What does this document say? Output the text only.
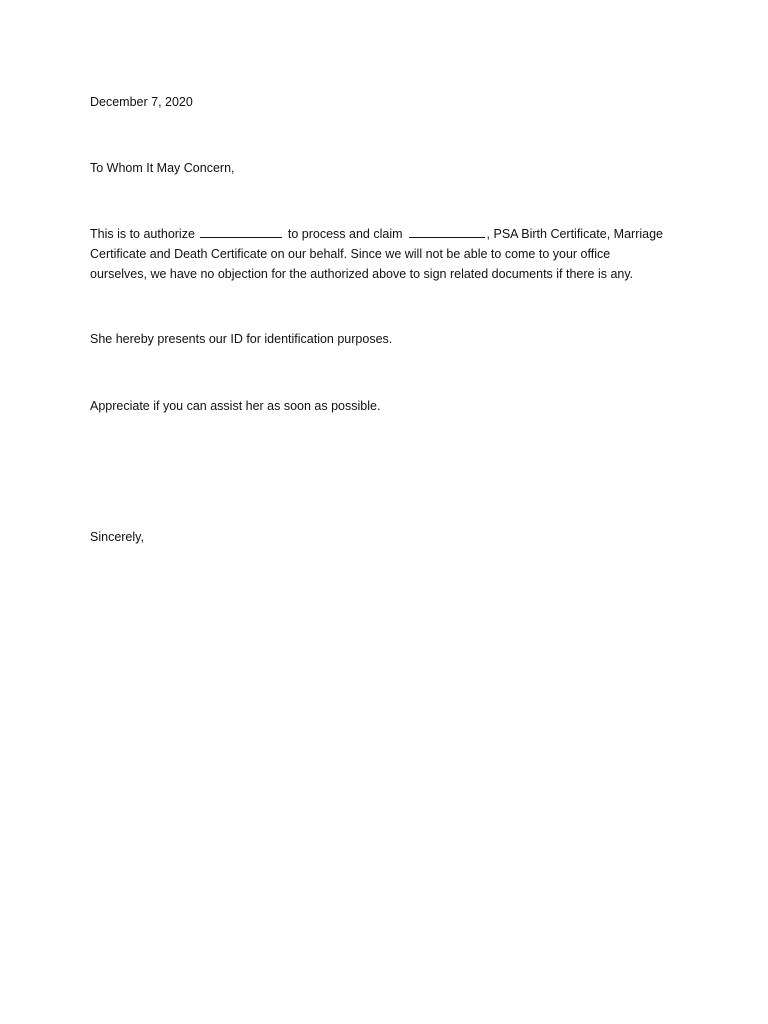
December 7, 2020
To Whom It May Concern,
This is to authorize	to process and claim	, PSA Birth Certificate, Marriage
Certificate and Death Certificate on our behalf. Since we will not be able to come to your office
ourselves, we have no objection for the authorized above to sign related documents if there is any.
She hereby presents our ID for identification purposes.
Appreciate if you can assist her as soon as possible.
Sincerely,
